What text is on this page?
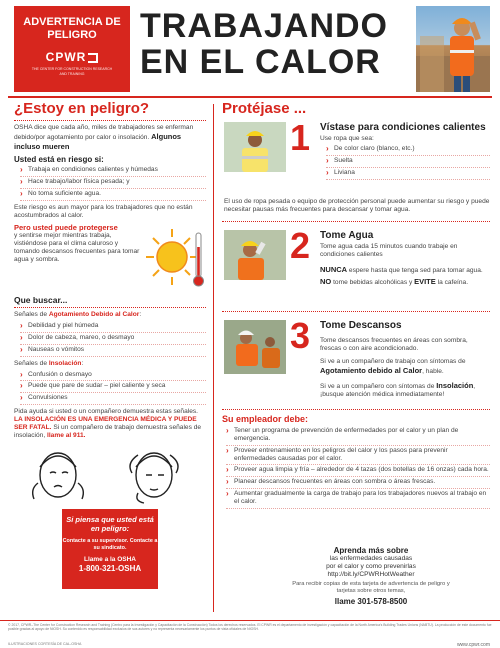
ADVERTENCIA DE PELIGRO
CPWR
THE CENTER FOR CONSTRUCTION RESEARCH AND TRAINING
TRABAJANDO
EN EL CALOR
¿Estoy en peligro?
OSHA dice que cada año, miles de trabajadores se enferman debido/por agotamiento por calor o insolación. Algunos incluso mueren
Usted está en riesgo si:
› Trabaja en condiciones calientes y húmedas
› Hace trabajo/labor física pesada; y
› No toma suficiente agua.
Este riesgo es aun mayor para los trabajadores que no están acostumbrados al calor.
Pero usted puede protegerse
y sentirse mejor mientras trabaja, vistiéndose para el clima caluroso y tomando descansos frecuentes para tomar agua y sombra.
Que buscar...
Señales de Agotamiento Debido al Calor:
› Debilidad y piel húmeda
› Dolor de cabeza, mareo, o desmayo
› Nauseas o vómitos
Señales de Insolación:
› Confusión o desmayo
› Puede que pare de sudar – piel caliente y seca
› Convulsiones
Pida ayuda si usted o un compañero demuestra estas señales. LA INSOLACIÓN ES UNA EMERGENCIA MÉDICA Y PUEDE SER FATAL. Si un compañero de trabajo demuestra señales de insolación, llame al 911.
Si piensa que usted está en peligro:
Contacte a su supervisor. Contacte a su sindicato.
Llame a la OSHA
1-800-321-OSHA
Protéjase ...
1 Vístase para condiciones calientes
Use ropa que sea:
› De color claro (blanco, etc.)
› Suelta
› Liviana
El uso de ropa pesada o equipo de protección personal puede aumentar su riesgo y puede necesitar pausas más frecuentes para descansar y tomar agua.
2 Tome Agua
Tome agua cada 15 minutos cuando trabaje en condiciones calientes
NUNCA espere hasta que tenga sed para tomar agua.
NO tome bebidas alcohólicas y EVITE la cafeína.
3 Tome Descansos
Tome descansos frecuentes en áreas con sombra, frescas o con aire acondicionado.
Si ve a un compañero de trabajo con síntomas de Agotamiento debido al Calor, hable.
Si ve a un compañero con síntomas de Insolación, ¡busque atención médica inmediatamente!
Su empleador debe:
› Tener un programa de prevención de enfermedades por el calor y un plan de emergencia.
› Proveer entrenamiento en los peligros del calor y los pasos para prevenir enfermedades causadas por el calor.
› Proveer agua limpia y fría – alrededor de 4 tazas (dos botellas de 16 onzas) cada hora.
› Planear descansos frecuentes en áreas con sombra o áreas frescas.
› Aumentar gradualmente la carga de trabajo para los trabajadores nuevos al trabajo en el calor.
Aprenda más sobre
las enfermedades causadas
por el calor y como prevenirlas
http://bit.ly/CPWRHotWeather
Para recibir copias de esta tarjeta de advertencia de peligro y tarjetas sobre otros temas,
llame 301-578-8500
© 2017, CPWR–The Center for Construction Research and Training (Centro para la Investigación y Capacitación de la Construcción) Todos los derechos reservados. El CPWR es el departamento de investigación y capacitación de la North America's Building Trades Unions (NABTU). La producción de este documento fue posible gracias al apoyo de NIOSH. Su contenido es responsabilidad exclusiva de sus autores y no representa necesariamente los puntos de vista oficiales de NIOSH.
ILUSTRACIONES CORTESÍA DE CAL-OSHA	www.cpwr.com
